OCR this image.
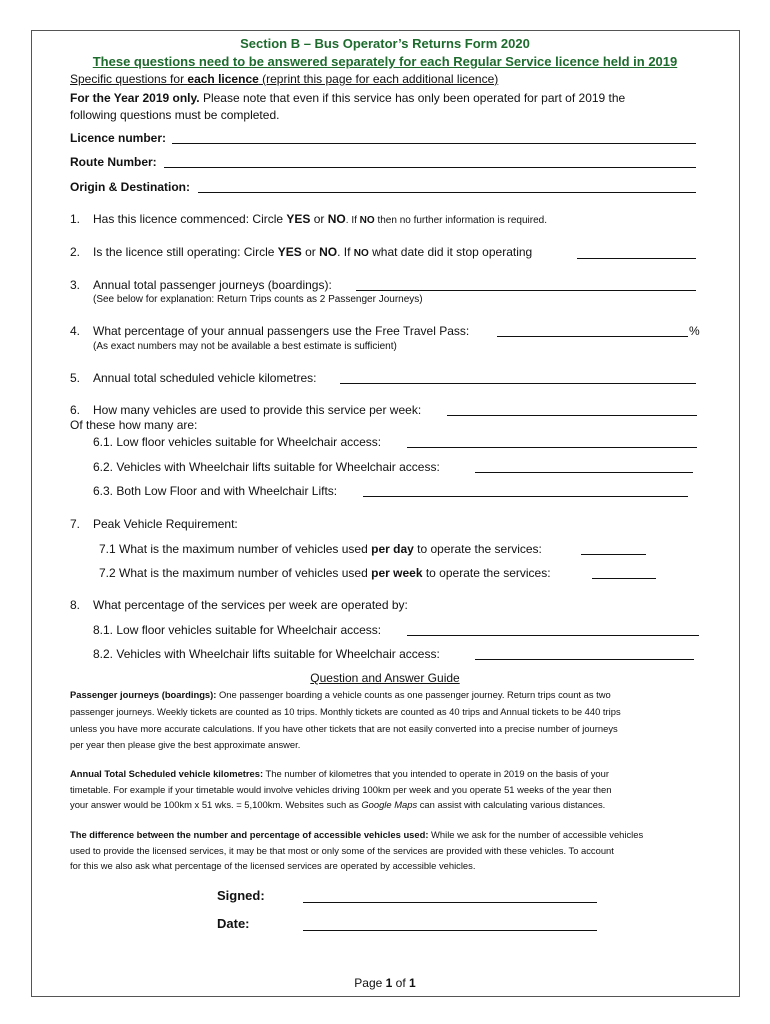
Section B – Bus Operator’s Returns Form 2020
These questions need to be answered separately for each Regular Service licence held in 2019
Specific questions for each licence (reprint this page for each additional licence)
For the Year 2019 only. Please note that even if this service has only been operated for part of 2019 the
following questions must be completed.
Licence number:
Route Number:
Origin & Destination:
1. Has this licence commenced: Circle YES or NO. If NO then no further information is required.
2. Is the licence still operating: Circle YES or NO. If NO what date did it stop operating
3. Annual total passenger journeys (boardings):
(See below for explanation: Return Trips counts as 2 Passenger Journeys)
4. What percentage of your annual passengers use the Free Travel Pass:	%
(As exact numbers may not be available a best estimate is sufficient)
5. Annual total scheduled vehicle kilometres:
6. How many vehicles are used to provide this service per week:
Of these how many are:
6.1. Low floor vehicles suitable for Wheelchair access:
6.2. Vehicles with Wheelchair lifts suitable for Wheelchair access:
6.3. Both Low Floor and with Wheelchair Lifts:
7. Peak Vehicle Requirement:
7.1 What is the maximum number of vehicles used per day to operate the services:
7.2 What is the maximum number of vehicles used per week to operate the services:
8. What percentage of the services per week are operated by:
8.1. Low floor vehicles suitable for Wheelchair access:
8.2. Vehicles with Wheelchair lifts suitable for Wheelchair access:
Question and Answer Guide
Passenger journeys (boardings): One passenger boarding a vehicle counts as one passenger journey. Return trips count as two
passenger journeys. Weekly tickets are counted as 10 trips. Monthly tickets are counted as 40 trips and Annual tickets to be 440 trips
unless you have more accurate calculations. If you have other tickets that are not easily converted into a precise number of journeys
per year then please give the best approximate answer.
Annual Total Scheduled vehicle kilometres: The number of kilometres that you intended to operate in 2019 on the basis of your
timetable. For example if your timetable would involve vehicles driving 100km per week and you operate 51 weeks of the year then
your answer would be 100km x 51 wks. = 5,100km. Websites such as Google Maps can assist with calculating various distances.
The difference between the number and percentage of accessible vehicles used: While we ask for the number of accessible vehicles
used to provide the licensed services, it may be that most or only some of the services are provided with these vehicles. To account
for this we also ask what percentage of the licensed services are operated by accessible vehicles.
Signed:
Date:
Page 1 of 1
